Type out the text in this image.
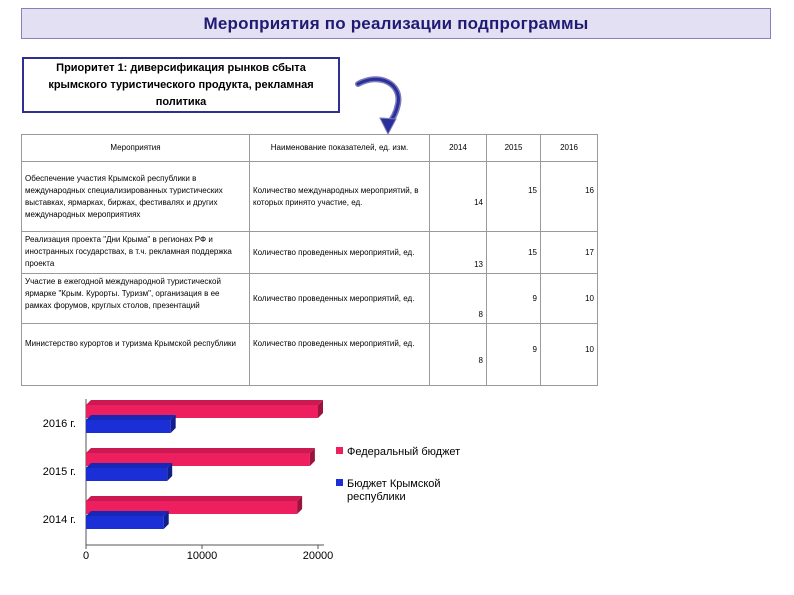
Мероприятия по реализации подпрограммы
Приоритет 1: диверсификация рынков сбыта крымского туристического продукта, рекламная политика
Мероприятия	Наименование показателей, ед. изм.	2014	2015	2016
Обеспечение участия Крымской республики в международных специализированных туристических выставках, ярмарках, биржах, фестивалях и других международных мероприятиях	Количество международных мероприятий, в которых принято участие, ед.	14	15	16
Реализация проекта "Дни Крыма" в регионах РФ и иностранных государствах, в т.ч. рекламная поддержка проекта	Количество проведенных мероприятий, ед.	13	15	17
Участие в ежегодной международной туристической ярмарке "Крым. Курорты. Туризм", организация в ее рамках форумов, круглых столов, презентаций	Количество проведенных мероприятий, ед.	8	9	10
Министерство курортов и туризма Крымской республики	Количество проведенных мероприятий, ед.	8	9	10
2016 г.
2015 г.
2014 г.
0	10000	20000
Федеральный бюджет
Бюджет Крымской
республики
